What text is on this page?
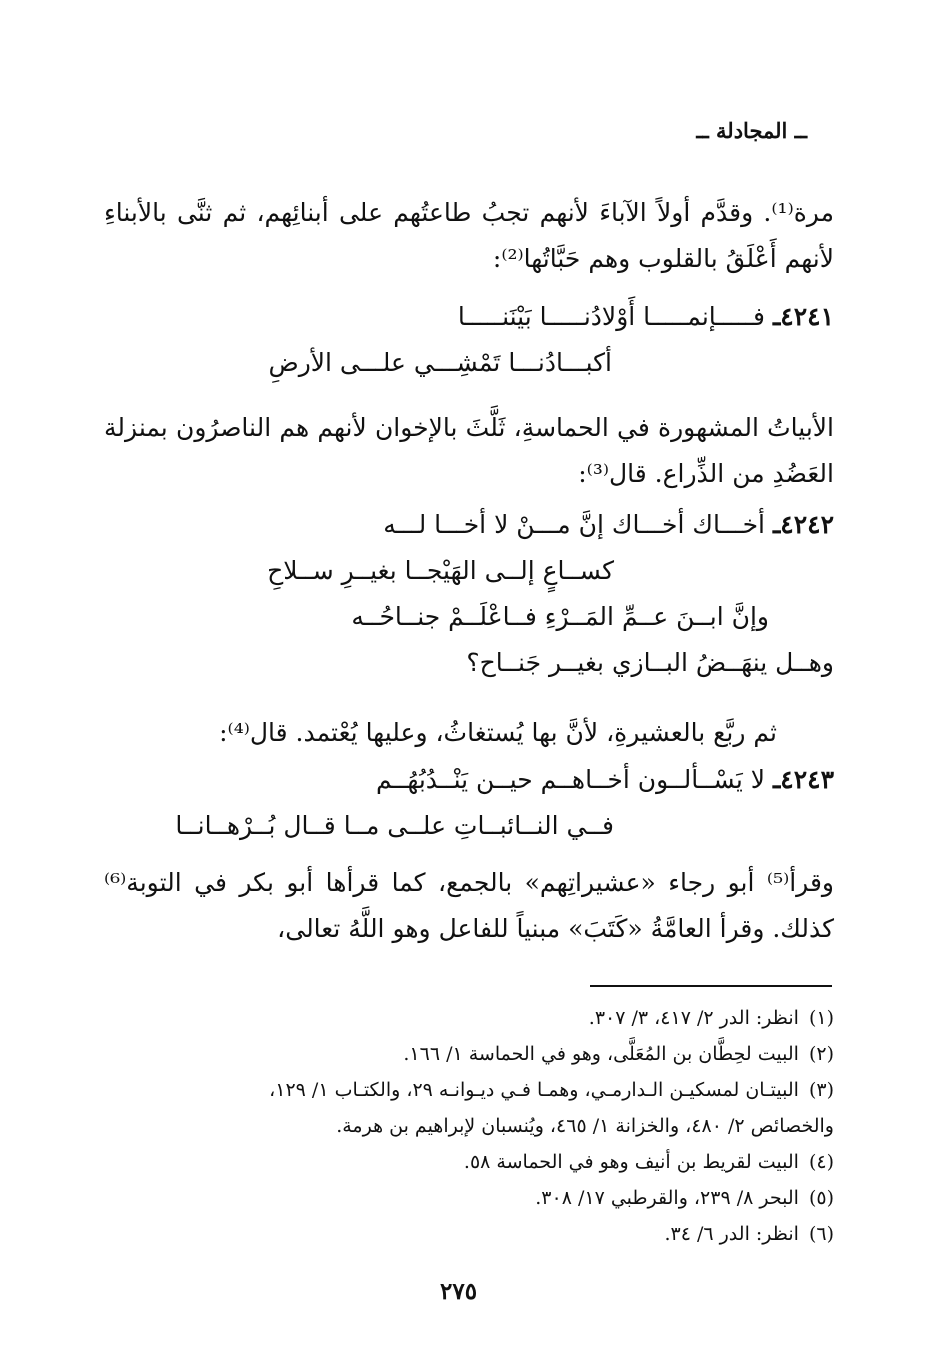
ــ المجادلة ــ
مرة⁽¹⁾. وقدَّم أولاً الآباءَ لأنهم تجبُ طاعتُهم على أبنائِهم، ثم ثنَّى بالأبناءِ لأنهم أَعْلَقُ بالقلوب وهم حَبَّاتُها⁽²⁾:
٤٢٤١ـ فـــــإنمـــــا أَوْلادُنـــــا بَيْنَنـــــا
أكبـــادُنـــا تَمْشِـــي علـــى الأرضِ
الأبياتُ المشهورة في الحماسةِ، ثَلَّثَ بالإخوان لأنهم هم الناصرُون بمنزلة العَضُدِ من الذِّراع. قال⁽³⁾:
٤٢٤٢ـ أخـــاك أخـــاك إنَّ مـــنْ لا أخـــا لـــه
كســاعٍ إلــى الهَيْجــا بغيــرِ ســلاحِ
وإنَّ ابــنَ عــمِّ المَــرْءِ فــاعْلَــمْ جنــاحُــه
وهــل ينهَــضُ البــازي بغيــر جَنــاح؟
ثم ربَّع بالعشيرةِ، لأنَّ بها يُستغاثُ، وعليها يُعْتمد. قال⁽⁴⁾:
٤٢٤٣ـ لا يَسْــألــون أخــاهــم حيــن يَنْــدُبُهُــم
فــي النــائبــاتِ علــى مــا قــال بُــرْهــانــا
وقرأ⁽⁵⁾ أبو رجاء «عشيراتِهم» بالجمع، كما قرأها أبو بكر في التوبة⁽⁶⁾ كذلك. وقرأ العامَّةُ «كَتَبَ» مبنياً للفاعل وهو اللَّهُ تعالى،

(١)انظر: الدر ٢/ ٤١٧، ٣/ ٣٠٧.

(٢)البيت لحِطَّان بن المُعَلَّى، وهو في الحماسة ١/ ١٦٦.

(٣)البيتـان لمسكيـن الـدارمـي، وهمـا فـي ديـوانـه ٢٩، والكتـاب ١/ ١٢٩،

والخصائص ٢/ ٤٨٠، والخزانة ١/ ٤٦٥، ويُنسبان لإبراهيم بن هرمة.

(٤)البيت لقريط بن أنيف وهو في الحماسة ٥٨.

(٥)البحر ٨/ ٢٣٩، والقرطبي ١٧/ ٣٠٨.

(٦)انظر: الدر ٦/ ٣٤.

٢٧٥
